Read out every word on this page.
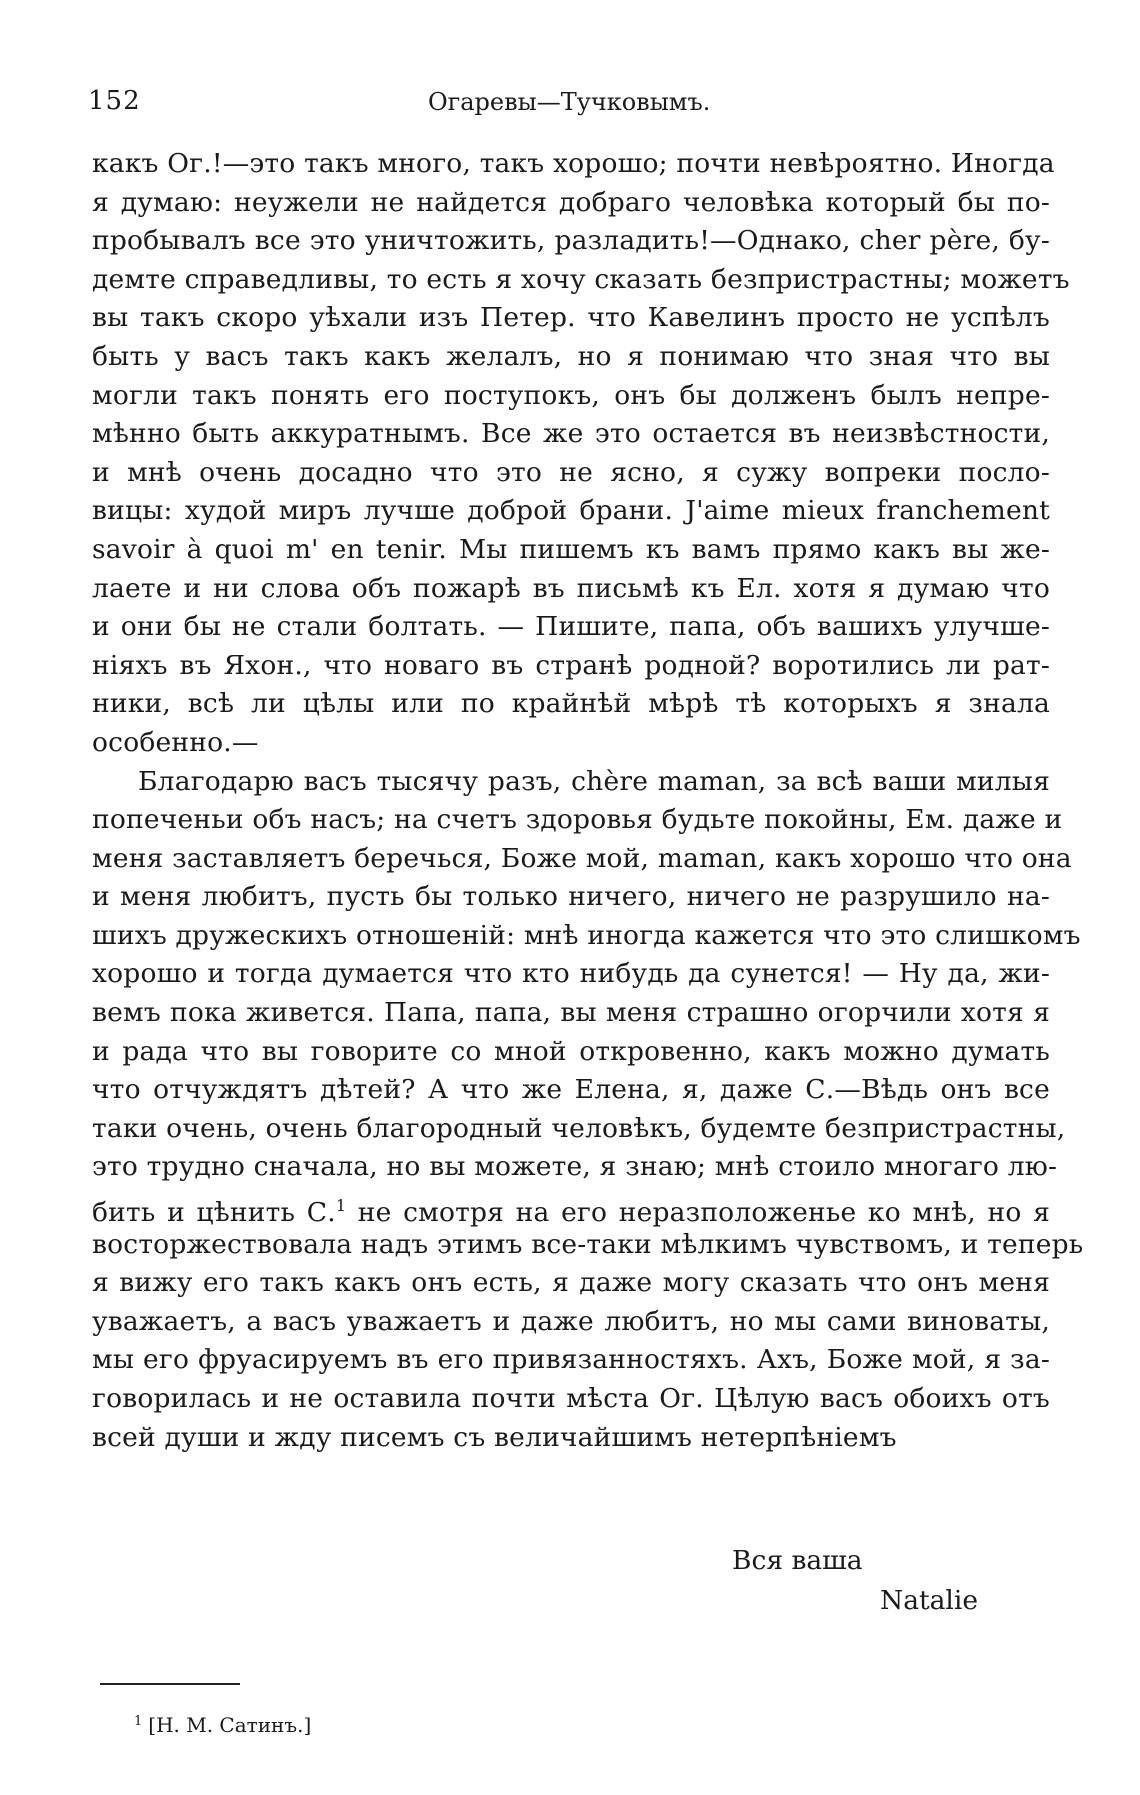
152	Огаревы—Тучковымъ.
какъ Ог.!—это такъ много, такъ хорошо; почти невѣроятно. Иногда
я думаю: неужели не найдется добраго человѣка который бы по-
пробывалъ все это уничтожить, разладить!—Однако, cher père, бу-
демте справедливы, то есть я хочу сказать безпристрастны; можетъ
вы такъ скоро уѣхали изъ Петер. что Кавелинъ просто не успѣлъ
быть у васъ такъ какъ желалъ, но я понимаю что зная что вы
могли такъ понять его поступокъ, онъ бы долженъ былъ непре-
мѣнно быть аккуратнымъ. Все же это остается въ неизвѣстности,
и мнѣ очень досадно что это не ясно, я сужу вопреки посло-
вицы: худой миръ лучше доброй брани. J'aime mieux franchement
savoir à quoi m' en tenir. Мы пишемъ къ вамъ прямо какъ вы же-
лаете и ни слова объ пожарѣ въ письмѣ къ Ел. хотя я думаю что
и они бы не стали болтать. — Пишите, папа, объ вашихъ улучше-
ніяхъ въ Яхон., что новаго въ странѣ родной? воротились ли рат-
ники, всѣ ли цѣлы или по крайнѣй мѣрѣ тѣ которыхъ я знала
особенно.—
Благодарю васъ тысячу разъ, chère maman, за всѣ ваши милыя
попеченьи объ насъ; на счетъ здоровья будьте покойны, Ем. даже и
меня заставляетъ беречься, Боже мой, maman, какъ хорошо что она
и меня любитъ, пусть бы только ничего, ничего не разрушило на-
шихъ дружескихъ отношеній: мнѣ иногда кажется что это слишкомъ
хорошо и тогда думается что кто нибудь да сунется! — Ну да, жи-
вемъ пока живется. Папа, папа, вы меня страшно огорчили хотя я
и рада что вы говорите со мной откровенно, какъ можно думать
что отчуждятъ дѣтей? А что же Елена, я, даже С.—Вѣдь онъ все
таки очень, очень благородный человѣкъ, будемте безпристрастны,
это трудно сначала, но вы можете, я знаю; мнѣ стоило многаго лю-
бить и цѣнить С.$^1$ не смотря на его неразположенье ко мнѣ, но я
восторжествовала надъ этимъ все-таки мѣлкимъ чувствомъ, и теперь
я вижу его такъ какъ онъ есть, я даже могу сказать что онъ меня
уважаетъ, а васъ уважаетъ и даже любитъ, но мы сами виноваты,
мы его фруасируемъ въ его привязанностяхъ. Ахъ, Боже мой, я за-
говорилась и не оставила почти мѣста Ог. Цѣлую васъ обоихъ отъ
всей души и жду писемъ съ величайшимъ нетерпѣніемъ
Вся ваша
Natalie
$^1$ [Н. М. Сатинъ.]
